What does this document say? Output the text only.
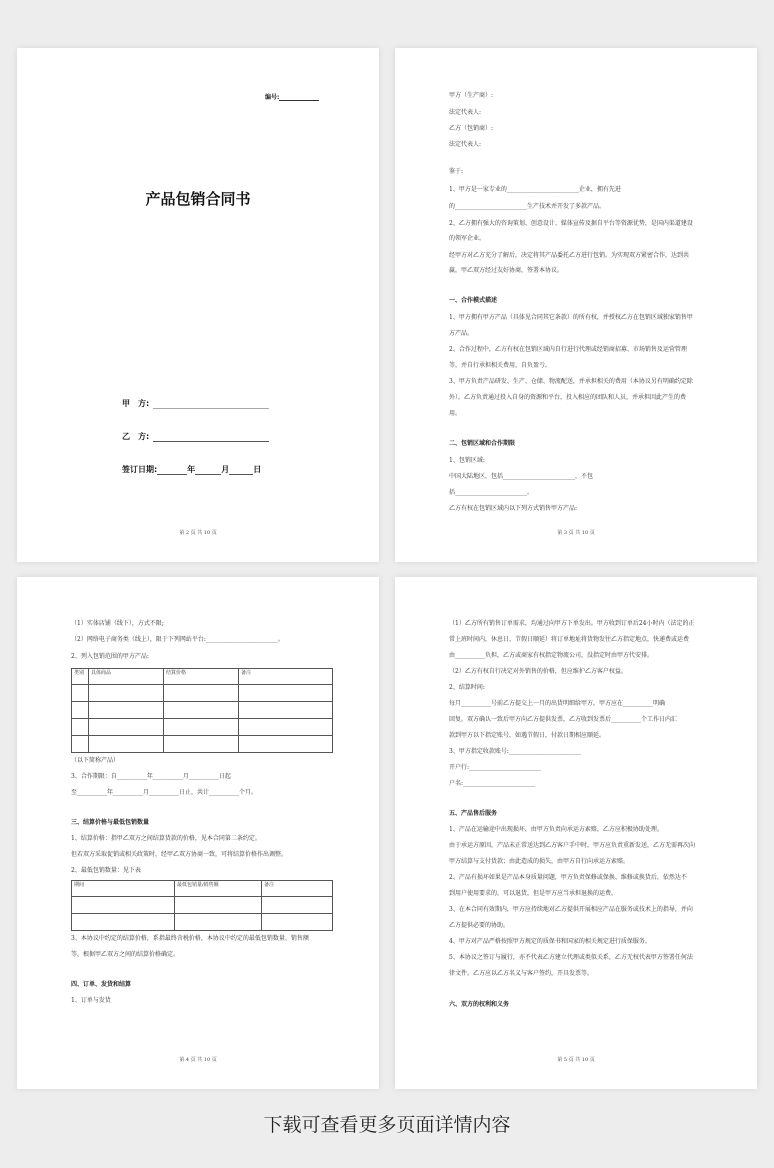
编号:
产品包销合同书
甲　方:
乙　方:
签订日期:	年	月	日
第 2 页 共 10 页
甲方（生产商）:
法定代表人:
乙方（包销商）:
法定代表人:
鉴于:
1、甲方是一家专业的________________________企业，拥有先进
的________________________生产技术并开发了多款产品。
2、乙方拥有强大的咨询策划、创意设计、媒体宣传及据自平台等资源优势，是国内渠道建设
的领军企业。
经甲方对乙方充分了解后，决定将其产品委托乙方进行包销。为实现双方紧密合作，达到共
赢，甲乙双方经过友好协商，签署本协议。
一、合作模式描述
1、甲方拥有甲方产品（具体见合同其它条款）的所有权，并授权乙方在包销区域独家销售甲
方产品。
2、合作过程中，乙方有权在包销区域内自行进行代理或经销商招募、市场销售及运营管理
等，并自行承担相关费用，自负盈亏。
3、甲方负责产品研发、生产、仓储、物流配送，并承担相关的费用（本协议另有明确约定除
外）。乙方负责通过投入自身的资源和平台，投入相应的团队和人员，并承担因此产生的费
用。
二、包销区域和合作期限
1、包销区域:
中国大陆地区，包括________________________，不包
括________________________。
乙方有权在包销区域内以下列方式销售甲方产品:
第 3 页 共 10 页
（1）实体店铺（线下），方式不限;
（2）网络电子商务类（线上），限于下列网站平台:________________________。
2、列入包销范围的甲方产品:
类别	具体商品	结算价格	备注

（以下简称产品）
3、合作期限：自__________年__________月__________日起
至__________年__________月__________日止，共计__________个月。
三、结算价格与最低包销数量
1、结算价格：指甲乙双方之间结算货款的价格，见本合同第二条约定。
但若双方采取促销或相关政策时，经甲乙双方协商一致，可将结算价格作出调整。
2、最低包销数量：见下表
期间	最低包销量/销售额	备注

3、本协议中约定的结算价格，系指最终含税价格，本协议中约定的最低包销数量、销售额
等，根据甲乙双方之间的结算价格确定。
四、订单、发货和结算
1、订单与发货
第 4 页 共 10 页
（1）乙方所有销售订单需求，均通过向甲方下单发出。甲方收到订单后24小时内（法定的正
常上班时间内，休息日、节假日顺延）将订单地址将货物发往乙方指定地点，快递费或运费
由__________负担，乙方或商家有权指定物流公司，没指定时由甲方代安排。
（2）乙方有权自行决定对外销售的价格，但应维护乙方客户权益。
2、结算时间:
每月__________号前乙方提交上一月的出货明细给甲方，甲方应在__________明确
回复。双方确认一致后甲方向乙方提供发票，乙方收到发票后__________个工作日内汇
款到甲方以下指定账号，如遇节假日，付款日期相应顺延。
3、甲方指定收款账号:________________________
开户行:________________________
户名:________________________
五、产品售后服务
1、产品在运输途中出现损坏，由甲方负责向承运方索赔，乙方应积极协助处理。
由于承运方原因，产品未正常送达到乙方客户手中时，甲方应负责重新发送，乙方无需再次向
甲方结算与支付货款；由此造成的损失，由甲方自行向承运方索赔。
2、产品有损坏如果是产品本身质量问题，甲方负责保修或保换、维修或换货后，依然达不
到用户使用要求的，可以退货，但是甲方应当承担退换的运费。
3、在本合同有效期内，甲方应持续地对乙方提供开展相应产品在服务或技术上的指导，并向
乙方提供必要的协助。
4、甲方对产品严格按照甲方规定的质保书和国家的相关规定进行质保服务。
5、本协议之签订与履行，亦不代表乙方建立代理或类似关系，乙方无权代表甲方签署任何法
律文件。乙方应以乙方名义与客户签约，开具发票等。
六、双方的权利和义务
第 5 页 共 10 页
下载可查看更多页面详情内容
